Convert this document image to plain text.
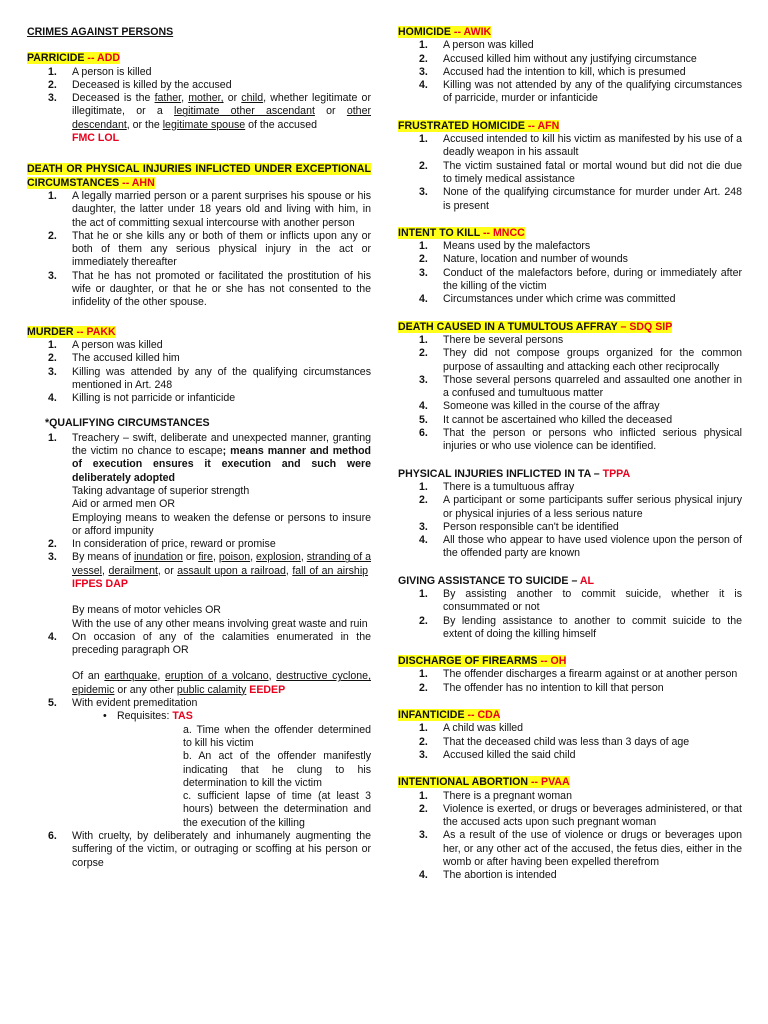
CRIMES AGAINST PERSONS
PARRICIDE -- ADD
1. A person is killed
2. Deceased is killed by the accused
3. Deceased is the father, mother, or child, whether legitimate or illegitimate, or a legitimate other ascendant or other descendant, or the legitimate spouse of the accused
FMC LOL
DEATH OR PHYSICAL INJURIES INFLICTED UNDER EXCEPTIONAL CIRCUMSTANCES -- AHN
1. A legally married person or a parent surprises his spouse or his daughter, the latter under 18 years old and living with him, in the act of committing sexual intercourse with another person
2. That he or she kills any or both of them or inflicts upon any or both of them any serious physical injury in the act or immediately thereafter
3. That he has not promoted or facilitated the prostitution of his wife or daughter, or that he or she has not consented to the infidelity of the other spouse.
MURDER -- PAKK
1. A person was killed
2. The accused killed him
3. Killing was attended by any of the qualifying circumstances mentioned in Art. 248
4. Killing is not parricide or infanticide
*QUALIFYING CIRCUMSTANCES
1. Treachery – swift, deliberate and unexpected manner, granting the victim no chance to escape; means manner and method of execution ensures it execution and such were deliberately adopted
Taking advantage of superior strength
Aid or armed men OR
Employing means to weaken the defense or persons to insure or afford impunity
2. In consideration of price, reward or promise
3. By means of inundation or fire, poison, explosion, stranding of a vessel, derailment, or assault upon a railroad, fall of an airship  IFPES DAP
By means of motor vehicles OR
With the use of any other means involving great waste and ruin
4. On occasion of any of the calamities enumerated in the preceding paragraph OR
Of an earthquake, eruption of a volcano, destructive cyclone, epidemic or any other public calamity EEDEP
5. With evident premeditation
• Requisites: TAS
a. Time when the offender determined to kill his victim
b. An act of the offender manifestly indicating that he clung to his determination to kill the victim
c. sufficient lapse of time (at least 3 hours) between the determination and the execution of the killing
6. With cruelty, by deliberately and inhumanely augmenting the suffering of the victim, or outraging or scoffing at his person or corpse
HOMICIDE -- AWIK
1. A person was killed
2. Accused killed him without any justifying circumstance
3. Accused had the intention to kill, which is presumed
4. Killing was not attended by any of the qualifying circumstances of parricide, murder or infanticide
FRUSTRATED HOMICIDE -- AFN
1. Accused intended to kill his victim as manifested by his use of a deadly weapon in his assault
2. The victim sustained fatal or mortal wound but did not die due to timely medical assistance
3. None of the qualifying circumstance for murder under Art. 248 is present
INTENT TO KILL -- MNCC
1. Means used by the malefactors
2. Nature, location and number of wounds
3. Conduct of the malefactors before, during or immediately after the killing of the victim
4. Circumstances under which crime was committed
DEATH CAUSED IN A TUMULTOUS AFFRAY – SDQ SIP
1. There be several persons
2. They did not compose groups organized for the common purpose of assaulting and attacking each other reciprocally
3. Those several persons quarreled and assaulted one another in a confused and tumultuous matter
4. Someone was killed in the course of the affray
5. It cannot be ascertained who killed the deceased
6. That the person or persons who inflicted serious physical injuries or who use violence can be identified.
PHYSICAL INJURIES INFLICTED IN TA – TPPA
1. There is a tumultuous affray
2. A participant or some participants suffer serious physical injury or physical injuries of a less serious nature
3. Person responsible can't be identified
4. All those who appear to have used violence upon the person of the offended party are known
GIVING ASSISTANCE TO SUICIDE – AL
1. By assisting another to commit suicide, whether it is consummated or not
2. By lending assistance to another to commit suicide to the extent of doing the killing himself
DISCHARGE OF FIREARMS -- OH
1. The offender discharges a firearm against or at another person
2. The offender has no intention to kill that person
INFANTICIDE -- CDA
1. A child was killed
2. That the deceased child was less than 3 days of age
3. Accused killed the said child
INTENTIONAL ABORTION -- PVAA
1. There is a pregnant woman
2. Violence is exerted, or drugs or beverages administered, or that the accused acts upon such pregnant woman
3. As a result of the use of violence or drugs or beverages upon her, or any other act of the accused, the fetus dies, either in the womb or after having been expelled therefrom
4. The abortion is intended
